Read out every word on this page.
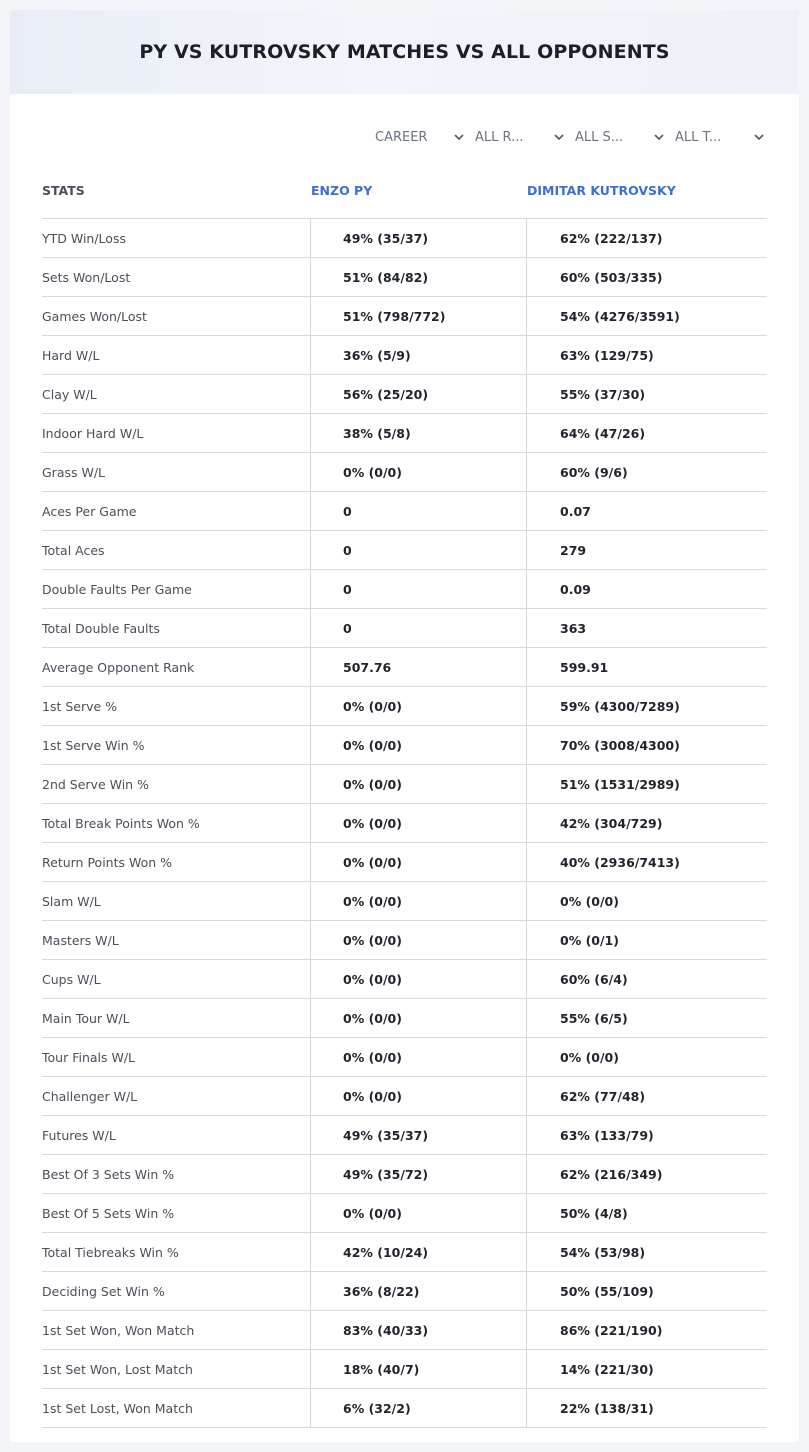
PY VS KUTROVSKY MATCHES VS ALL OPPONENTS
CAREER	ALL R...	ALL S...	ALL T...
STATS	ENZO PY	DIMITAR KUTROVSKY
YTD Win/Loss	49% (35/37)	62% (222/137)
Sets Won/Lost	51% (84/82)	60% (503/335)
Games Won/Lost	51% (798/772)	54% (4276/3591)
Hard W/L	36% (5/9)	63% (129/75)
Clay W/L	56% (25/20)	55% (37/30)
Indoor Hard W/L	38% (5/8)	64% (47/26)
Grass W/L	0% (0/0)	60% (9/6)
Aces Per Game	0	0.07
Total Aces	0	279
Double Faults Per Game	0	0.09
Total Double Faults	0	363
Average Opponent Rank	507.76	599.91
1st Serve %	0% (0/0)	59% (4300/7289)
1st Serve Win %	0% (0/0)	70% (3008/4300)
2nd Serve Win %	0% (0/0)	51% (1531/2989)
Total Break Points Won %	0% (0/0)	42% (304/729)
Return Points Won %	0% (0/0)	40% (2936/7413)
Slam W/L	0% (0/0)	0% (0/0)
Masters W/L	0% (0/0)	0% (0/1)
Cups W/L	0% (0/0)	60% (6/4)
Main Tour W/L	0% (0/0)	55% (6/5)
Tour Finals W/L	0% (0/0)	0% (0/0)
Challenger W/L	0% (0/0)	62% (77/48)
Futures W/L	49% (35/37)	63% (133/79)
Best Of 3 Sets Win %	49% (35/72)	62% (216/349)
Best Of 5 Sets Win %	0% (0/0)	50% (4/8)
Total Tiebreaks Win %	42% (10/24)	54% (53/98)
Deciding Set Win %	36% (8/22)	50% (55/109)
1st Set Won, Won Match	83% (40/33)	86% (221/190)
1st Set Won, Lost Match	18% (40/7)	14% (221/30)
1st Set Lost, Won Match	6% (32/2)	22% (138/31)
